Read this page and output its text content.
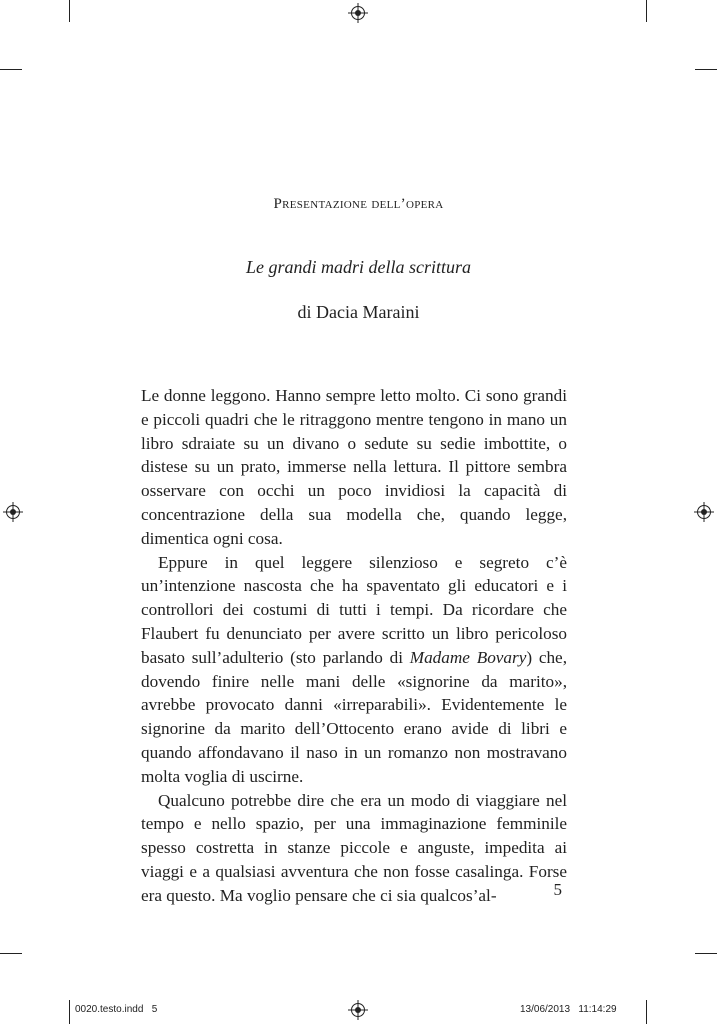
Presentazione dell’opera
Le grandi madri della scrittura
di Dacia Maraini

Le donne leggono. Hanno sempre letto molto. Ci sono grandi e piccoli quadri che le ritraggono mentre tengono in mano un libro sdraiate su un divano o sedute su sedie imbottite, o distese su un prato, immerse nella lettura. Il pittore sembra osservare con occhi un poco invidiosi la capacità di concentrazione della sua modella che, quando legge, dimentica ogni cosa.

Eppure in quel leggere silenzioso e segreto c’è un’intenzione nascosta che ha spaventato gli educatori e i controllori dei costumi di tutti i tempi. Da ricordare che Flaubert fu denunciato per avere scritto un libro pericoloso basato sull’adulterio (sto parlando di Madame Bovary) che, dovendo finire nelle mani delle «signorine da marito», avrebbe provocato danni «irreparabili». Evidentemente le signorine da marito dell’Ottocento erano avide di libri e quando affondavano il naso in un romanzo non mostravano molta voglia di uscirne.

Qualcuno potrebbe dire che era un modo di viaggiare nel tempo e nello spazio, per una immaginazione femminile spesso costretta in stanze piccole e anguste, impedita ai viaggi e a qualsiasi avventura che non fosse casalinga. Forse era questo. Ma voglio pensare che ci sia qualcos’al-	5
0020.testo.indd   5	13/06/2013   11:14:29
